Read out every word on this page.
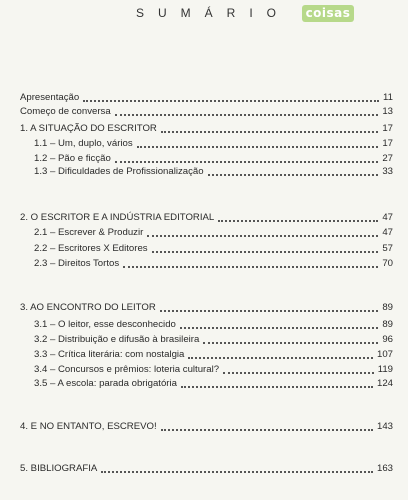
SUMÁRIO coisas
Apresentação	11
Começo de conversa	13
1. A SITUAÇÃO DO ESCRITOR	17
1.1 – Um, duplo, vários	17
1.2 – Pão e ficção	27
1.3 – Dificuldades de Profissionalização	33
2. O ESCRITOR E A INDÚSTRIA EDITORIAL	47
2.1 – Escrever & Produzir	47
2.2 – Escritores X Editores	57
2.3 – Direitos Tortos	70
3. AO ENCONTRO DO LEITOR	89
3.1 – O leitor, esse desconhecido	89
3.2 – Distribuição e difusão à brasileira	96
3.3 – Crítica literária: com nostalgia	107
3.4 – Concursos e prêmios: loteria cultural?	119
3.5 – A escola: parada obrigatória	124
4. E NO ENTANTO, ESCREVO!	143
5. BIBLIOGRAFIA	163
